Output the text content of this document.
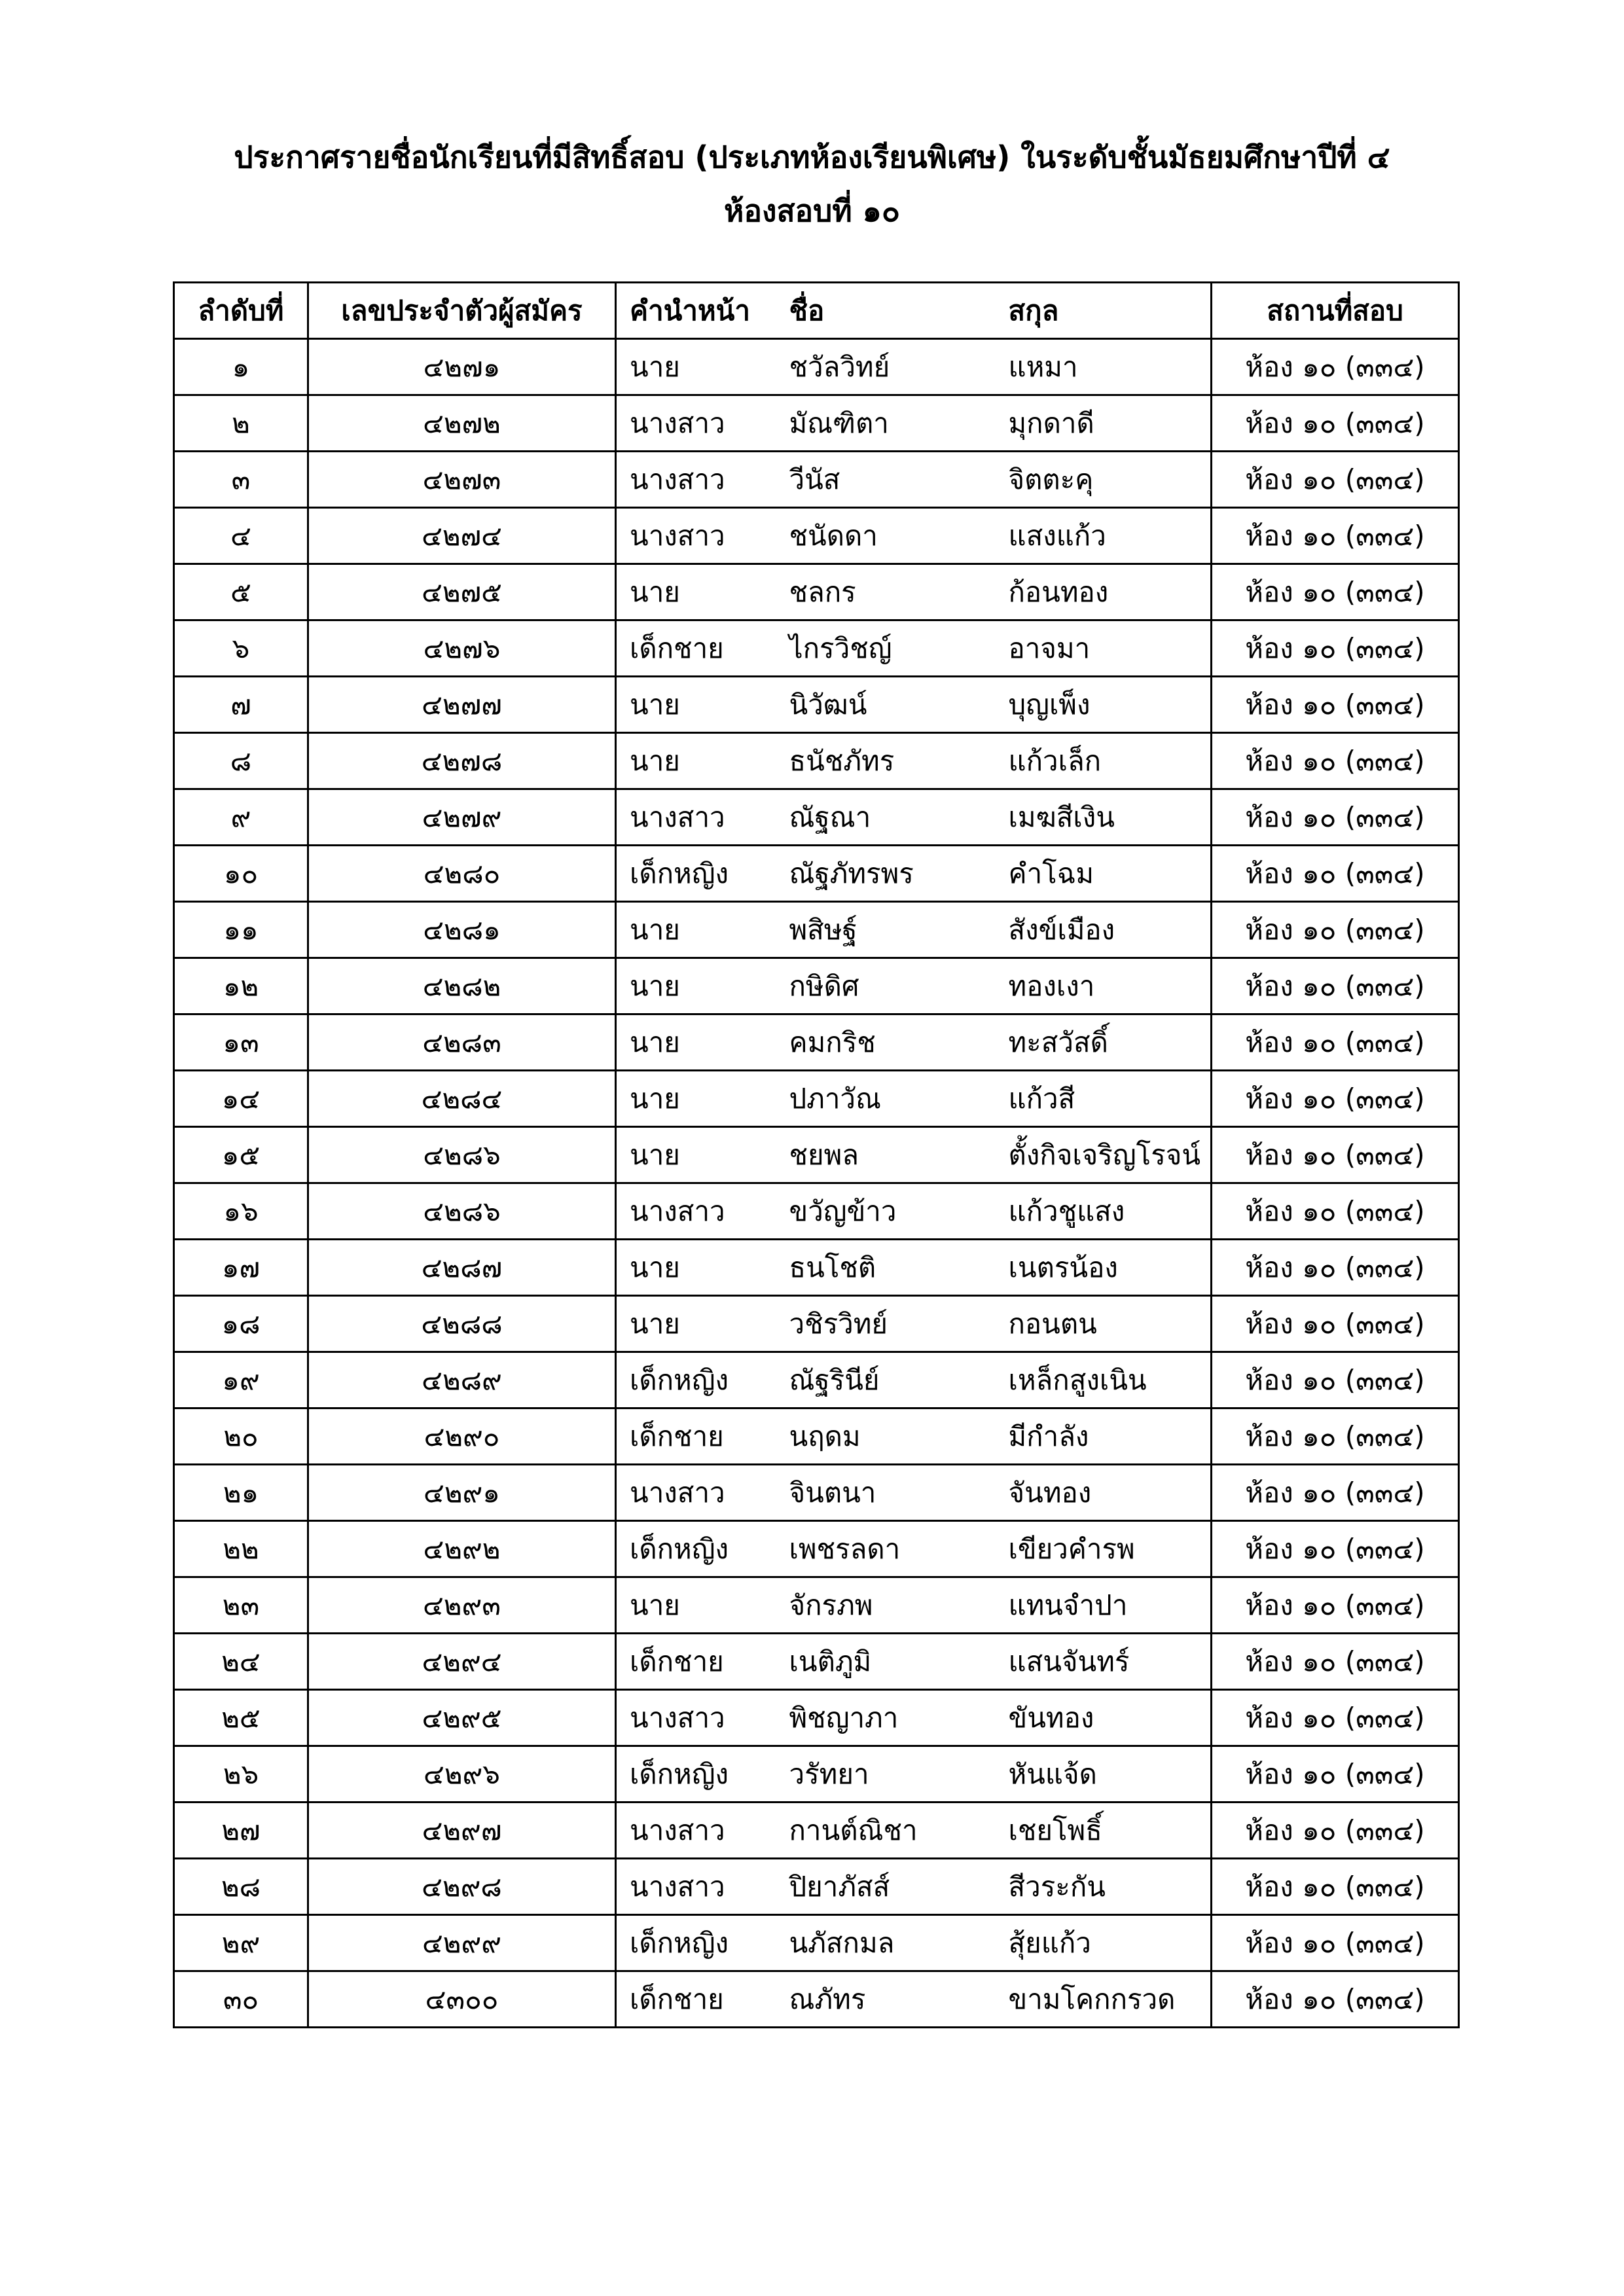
ประกาศรายชื่อนักเรียนที่มีสิทธิ์สอบ (ประเภทห้องเรียนพิเศษ) ในระดับชั้นมัธยมศึกษาปีที่ ๔
ห้องสอบที่ ๑๐
ลำดับที่	เลขประจำตัวผู้สมัคร	คำนำหน้า	ชื่อ	สกุล	สถานที่สอบ
๑	๔๒๗๑	นาย	ชวัลวิทย์	แหมา	ห้อง ๑๐ (๓๓๔)
๒	๔๒๗๒	นางสาว	มัณฑิตา	มุกดาดี	ห้อง ๑๐ (๓๓๔)
๓	๔๒๗๓	นางสาว	วีนัส	จิตตะคุ	ห้อง ๑๐ (๓๓๔)
๔	๔๒๗๔	นางสาว	ชนัดดา	แสงแก้ว	ห้อง ๑๐ (๓๓๔)
๕	๔๒๗๕	นาย	ชลกร	ก้อนทอง	ห้อง ๑๐ (๓๓๔)
๖	๔๒๗๖	เด็กชาย	ไกรวิชญ์	อาจมา	ห้อง ๑๐ (๓๓๔)
๗	๔๒๗๗	นาย	นิวัฒน์	บุญเพ็ง	ห้อง ๑๐ (๓๓๔)
๘	๔๒๗๘	นาย	ธนัชภัทร	แก้วเล็ก	ห้อง ๑๐ (๓๓๔)
๙	๔๒๗๙	นางสาว	ณัฐณา	เมฆสีเงิน	ห้อง ๑๐ (๓๓๔)
๑๐	๔๒๘๐	เด็กหญิง	ณัฐภัทรพร	คำโฉม	ห้อง ๑๐ (๓๓๔)
๑๑	๔๒๘๑	นาย	พสิษฐ์	สังข์เมือง	ห้อง ๑๐ (๓๓๔)
๑๒	๔๒๘๒	นาย	กษิดิศ	ทองเงา	ห้อง ๑๐ (๓๓๔)
๑๓	๔๒๘๓	นาย	คมกริช	ทะสวัสดิ์	ห้อง ๑๐ (๓๓๔)
๑๔	๔๒๘๔	นาย	ปภาวัณ	แก้วสี	ห้อง ๑๐ (๓๓๔)
๑๕	๔๒๘๖	นาย	ชยพล	ตั้งกิจเจริญโรจน์	ห้อง ๑๐ (๓๓๔)
๑๖	๔๒๘๖	นางสาว	ขวัญข้าว	แก้วชูแสง	ห้อง ๑๐ (๓๓๔)
๑๗	๔๒๘๗	นาย	ธนโชติ	เนตรน้อง	ห้อง ๑๐ (๓๓๔)
๑๘	๔๒๘๘	นาย	วชิรวิทย์	กอนตน	ห้อง ๑๐ (๓๓๔)
๑๙	๔๒๘๙	เด็กหญิง	ณัฐรินีย์	เหล็กสูงเนิน	ห้อง ๑๐ (๓๓๔)
๒๐	๔๒๙๐	เด็กชาย	นฤดม	มีกำลัง	ห้อง ๑๐ (๓๓๔)
๒๑	๔๒๙๑	นางสาว	จินตนา	จันทอง	ห้อง ๑๐ (๓๓๔)
๒๒	๔๒๙๒	เด็กหญิง	เพชรลดา	เขียวคำรพ	ห้อง ๑๐ (๓๓๔)
๒๓	๔๒๙๓	นาย	จักรภพ	แทนจำปา	ห้อง ๑๐ (๓๓๔)
๒๔	๔๒๙๔	เด็กชาย	เนติภูมิ	แสนจันทร์	ห้อง ๑๐ (๓๓๔)
๒๕	๔๒๙๕	นางสาว	พิชญาภา	ขันทอง	ห้อง ๑๐ (๓๓๔)
๒๖	๔๒๙๖	เด็กหญิง	วรัทยา	หันแจ้ด	ห้อง ๑๐ (๓๓๔)
๒๗	๔๒๙๗	นางสาว	กานต์ณิชา	เชยโพธิ์	ห้อง ๑๐ (๓๓๔)
๒๘	๔๒๙๘	นางสาว	ปิยาภัสส์	สีวระกัน	ห้อง ๑๐ (๓๓๔)
๒๙	๔๒๙๙	เด็กหญิง	นภัสกมล	สุ้ยแก้ว	ห้อง ๑๐ (๓๓๔)
๓๐	๔๓๐๐	เด็กชาย	ณภัทร	ขามโคกกรวด	ห้อง ๑๐ (๓๓๔)
